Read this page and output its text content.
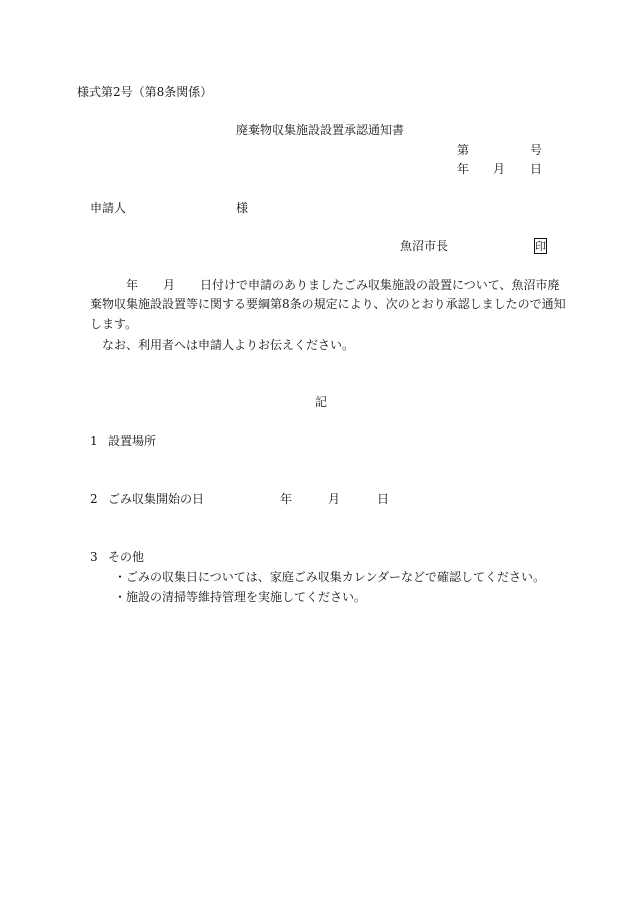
様式第2号（第8条関係）
廃棄物収集施設設置承認通知書
第	号
年 月 日
申請人	様
魚沼市長	印
年 月 日付けで申請のありましたごみ収集施設の設置について、魚沼市廃
棄物収集施設設置等に関する要綱第8条の規定により、次のとおり承認しましたので通知
します。
なお、利用者へは申請人よりお伝えください。
記
1 設置場所
2 ごみ収集開始の日	年	月	日
3 その他
・ごみの収集日については、家庭ごみ収集カレンダーなどで確認してください。
・施設の清掃等維持管理を実施してください。
